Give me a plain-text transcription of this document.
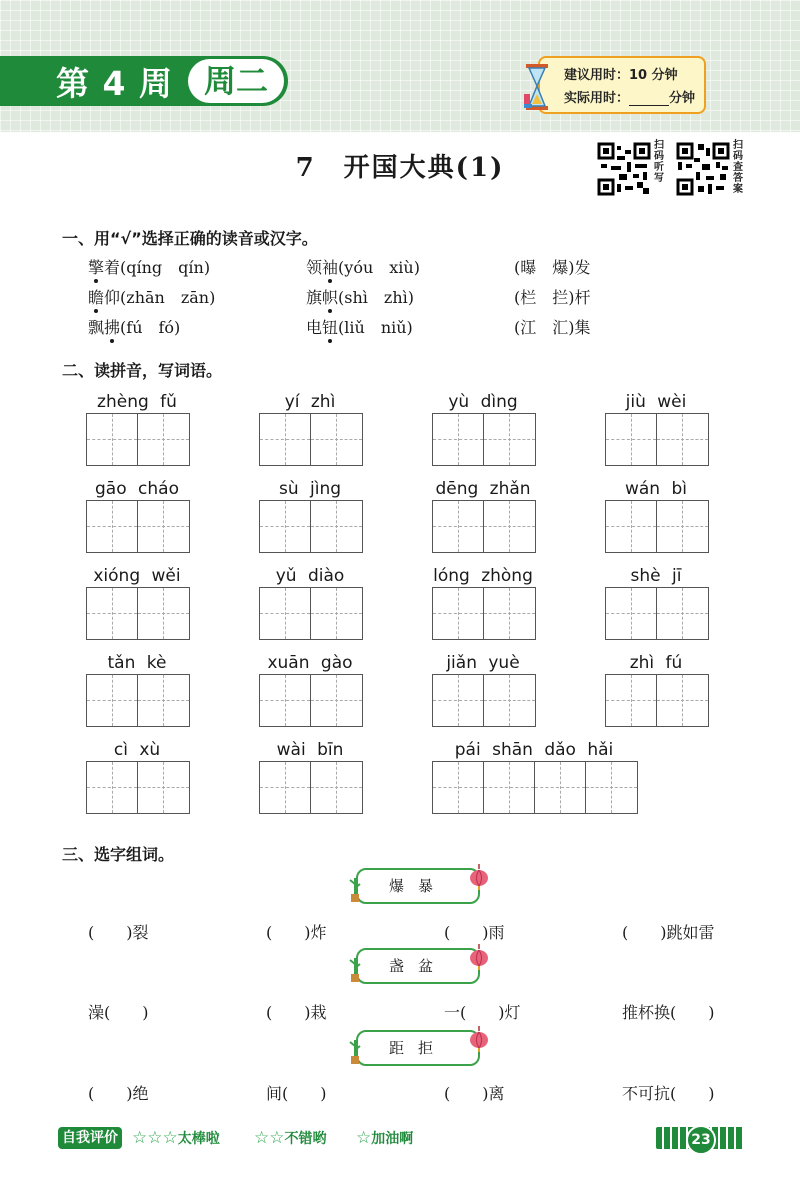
第 4 周 周二	建议用时：10 分钟
实际用时：	分钟
7　开国大典(1)
扫码听写
扫码查答案
一、用“√”选择正确的读音或汉字。
擎着(qíng　qín)	领袖(yóu　xiù)	(曝　爆)发
瞻仰(zhān　zān)	旗帜(shì　zhì)	(栏　拦)杆
飘拂(fú　fó)	电钮(liǔ　niǔ)	(江　汇)集
二、读拼音，写词语。
zhèng fǔ	yí zhì	yù dìng	jiù wèi
gāo cháo	sù jìng	dēng zhǎn	wán bì
xióng wěi	yǔ diào	lóng zhòng	shè jī
tǎn kè	xuān gào	jiǎn yuè	zhì fú
cì xù	wài bīn	pái shān dǎo hǎi
三、选字组词。
爆暴
(　　)裂	(　　)炸	(　　)雨	(　　)跳如雷
盏盆
澡(　　)	(　　)栽	一(　　)灯	推杯换(　　)
距拒
(　　)绝	间(　　)	(　　)离	不可抗(　　)
自我评价 ☆☆☆太棒啦 ☆☆不错哟 ☆加油啊	23
